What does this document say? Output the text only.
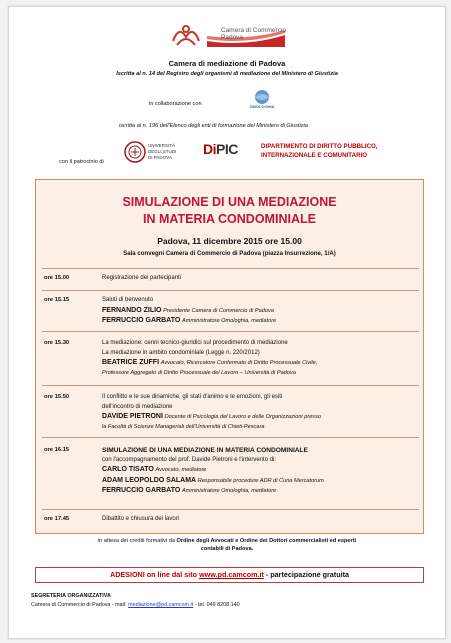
Camera di Commercio
Padova
Camera di mediazione di Padova
Iscritta al n. 14 del Registro degli organismi di mediazione del Ministero di Giustizia
in collaborazione con	OMOLOGHIA
iscritta al n. 196 dell'Elenco degli enti di formazione del Ministero di Giustizia
con il patrocinio di
UNIVERSITÀ
DEGLI STUDI
DI PADOVA
DiPIC	DIPARTIMENTO DI DIRITTO PUBBLICO,
INTERNAZIONALE E COMUNITARIO
SIMULAZIONE DI UNA MEDIAZIONE
IN MATERIA CONDOMINIALE
Padova, 11 dicembre 2015 ore 15.00
Sala convegni Camera di Commercio di Padova (piazza Insurrezione, 1/A)
ore 15.00	Registrazione dei partecipanti
ore 15.15	Saluti di benvenuto
FERNANDO ZILIO Presidente Camera di Commercio di Padova
FERRUCCIO GARBATO Amministratore Omologhia, mediatore
ore 15.30	La mediazione: cenni tecnico-giuridici sul procedimento di mediazione
La mediazione in ambito condominiale (Legge n. 220/2012)
BEATRICE ZUFFI Avvocato, Ricercatore Confermato di Diritto Processuale Civile,
Professore Aggregato di Diritto Processuale del Lavoro – Università di Padova
ore 15.50	Il conflitto e le sue dinamiche, gli stati d'animo e le emozioni, gli esiti
dell'incontro di mediazione
DAVIDE PIETRONI Docente di Psicologia del Lavoro e delle Organizzazioni presso
la Facoltà di Scienze Manageriali dell'Università di Chieti-Pescara
ore 16.15	SIMULAZIONE DI UNA MEDIAZIONE IN MATERIA CONDOMINIALE
con l'accompagnamento del prof. Davide Pietroni e l'intervento di:
CARLO TISATO Avvocato, mediatore
ADAM LEOPOLDO SALAMA Responsabile procedure ADR di Curia Mercatorum
FERRUCCIO GARBATO Amministratore Omologhia, mediatore
ore 17.45	Dibattito e chiusura dei lavori
in attesa dei crediti formativi da Ordine degli Avvocati e Ordine dei Dottori commercialisti ed esperti
contabili di Padova.
ADESIONI on line dal sito www.pd.camcom.it - partecipazione gratuita
SEGRETERIA ORGANIZZATIVA
Camera di Commercio di Padova - mail: mediazione@pd.camcom.it - tel. 049 8208.140
